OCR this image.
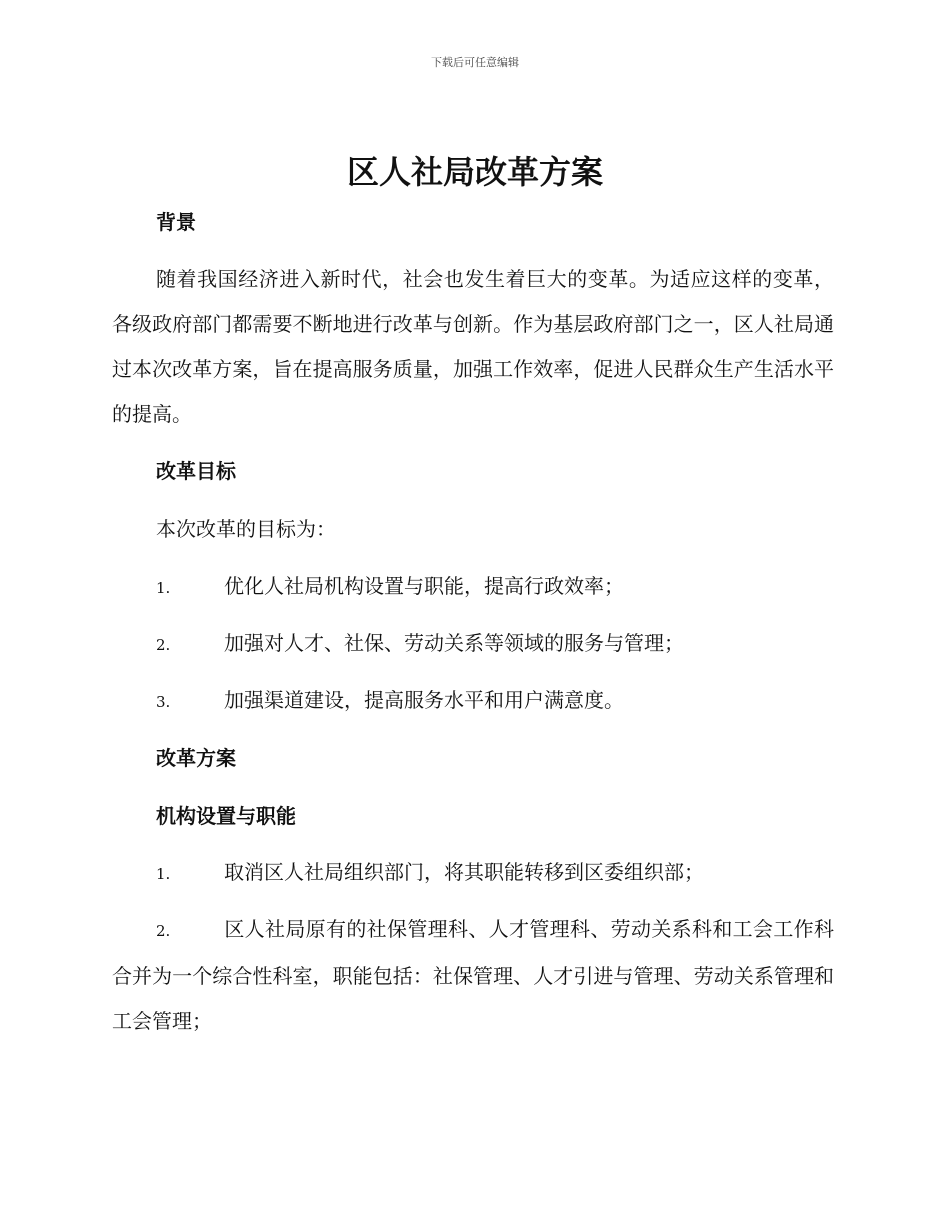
下载后可任意编辑
区人社局改革方案
背景

随着我国经济进入新时代，社会也发生着巨大的变革。为适应这样的变革，各级政府部门都需要不断地进行改革与创新。作为基层政府部门之一，区人社局通过本次改革方案，旨在提高服务质量，加强工作效率，促进人民群众生产生活水平的提高。

改革目标

本次改革的目标为：

1.	优化人社局机构设置与职能，提高行政效率；
2.	加强对人才、社保、劳动关系等领域的服务与管理；
3.	加强渠道建设，提高服务水平和用户满意度。
改革方案
机构设置与职能
1.	取消区人社局组织部门，将其职能转移到区委组织部；
2.	区人社局原有的社保管理科、人才管理科、劳动关系科和工会工作科合并为一个综合性科室，职能包括：社保管理、人才引进与管理、劳动关系管理和工会管理；
